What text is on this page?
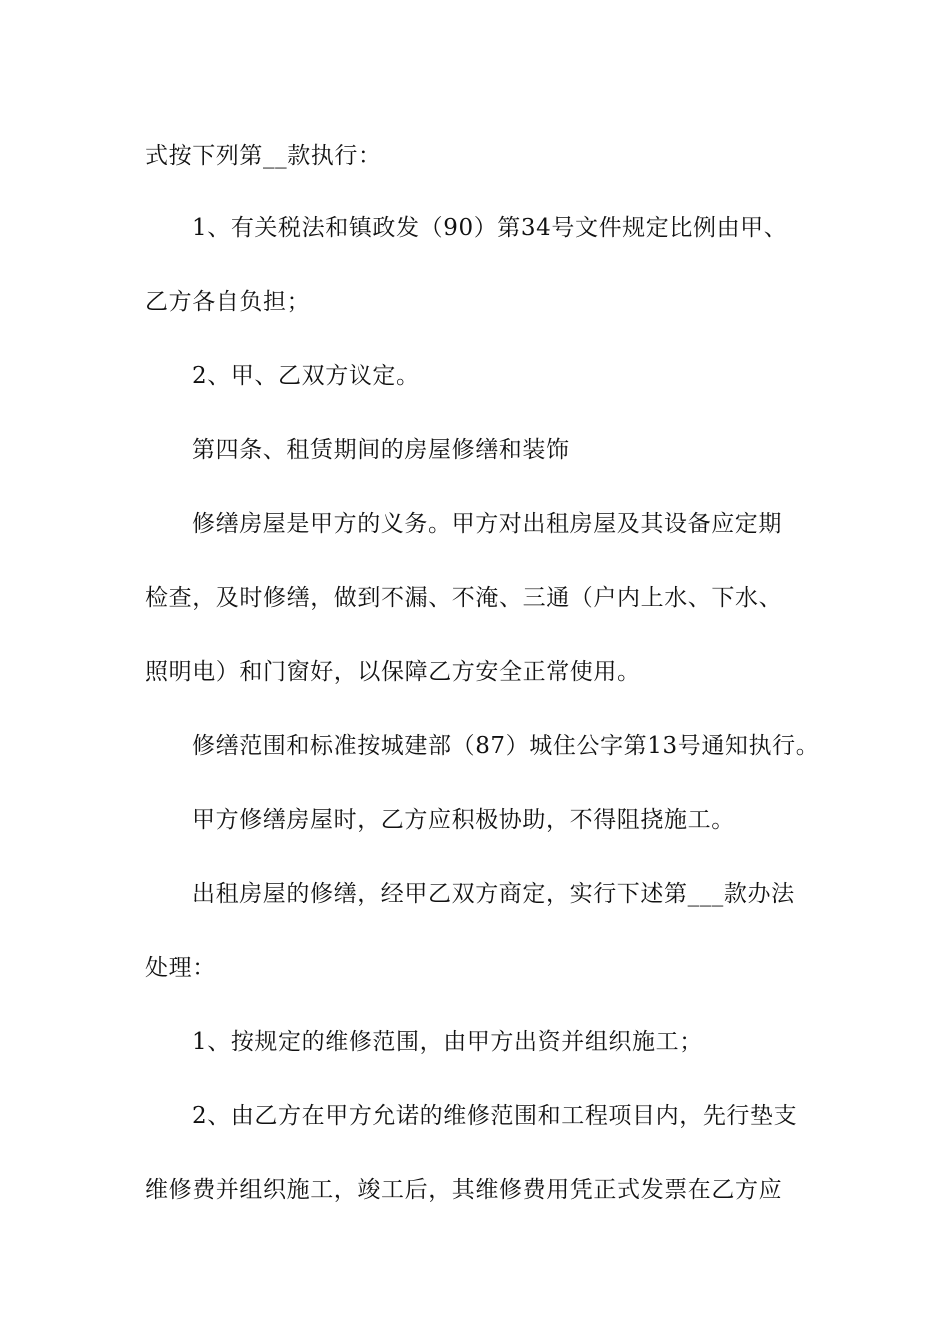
式按下列第__款执行：
1、有关税法和镇政发（90）第34号文件规定比例由甲、
乙方各自负担；
2、甲、乙双方议定。
第四条、租赁期间的房屋修缮和装饰
修缮房屋是甲方的义务。甲方对出租房屋及其设备应定期
检查，及时修缮，做到不漏、不淹、三通（户内上水、下水、
照明电）和门窗好，以保障乙方安全正常使用。
修缮范围和标准按城建部（87）城住公字第13号通知执行。
甲方修缮房屋时，乙方应积极协助，不得阻挠施工。
出租房屋的修缮，经甲乙双方商定，实行下述第___款办法
处理：
1、按规定的维修范围，由甲方出资并组织施工；
2、由乙方在甲方允诺的维修范围和工程项目内，先行垫支
维修费并组织施工，竣工后，其维修费用凭正式发票在乙方应
